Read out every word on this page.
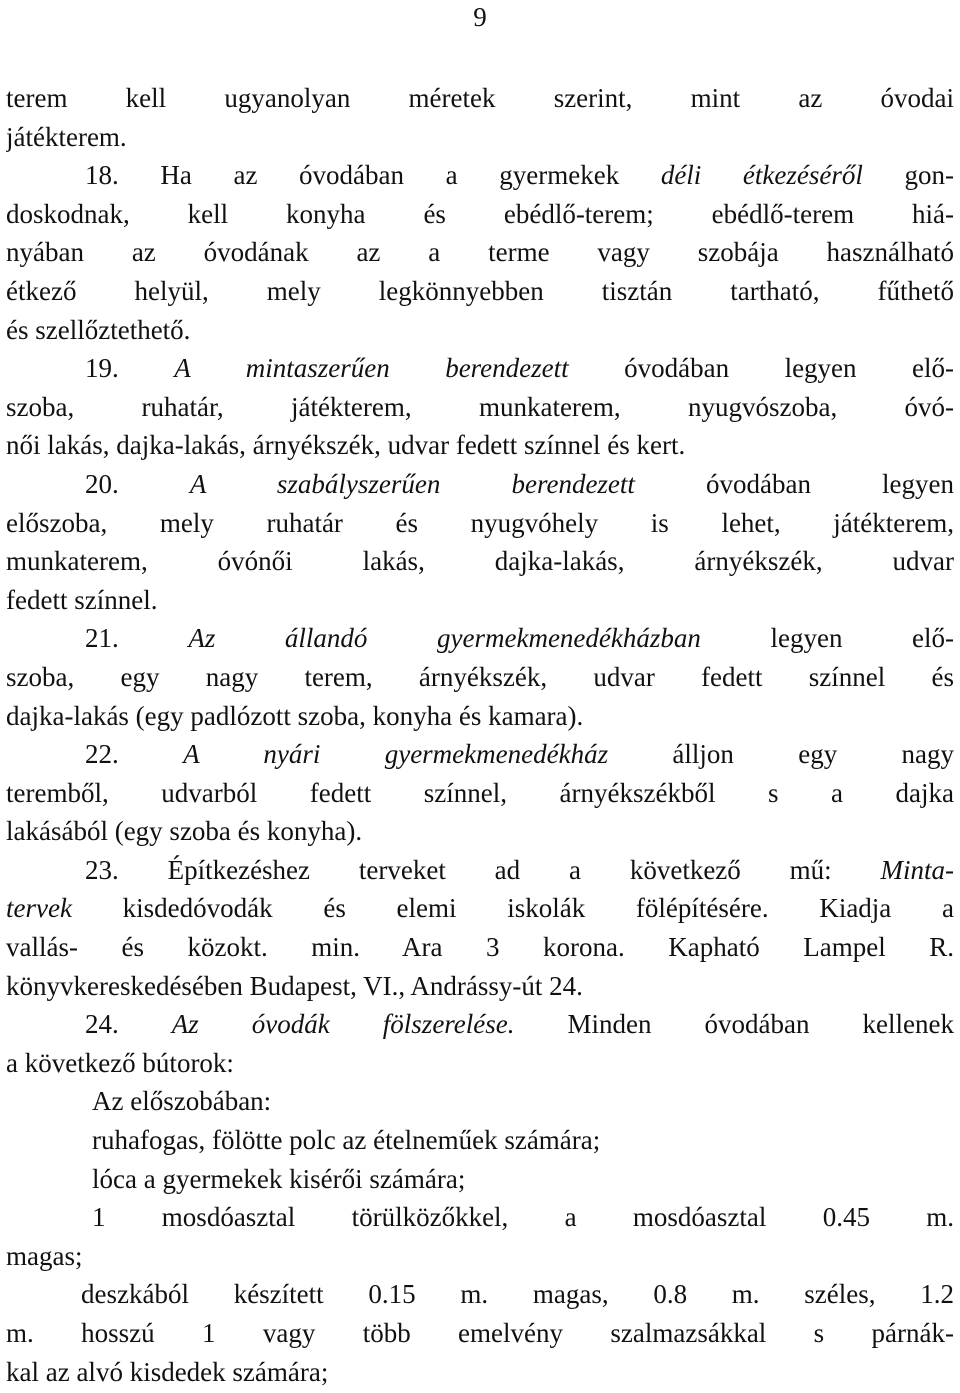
9
terem kell ugyanolyan méretek szerint, mint az óvodai
játékterem.
18. Ha az óvodában a gyermekek déli étkezéséről gon-
doskodnak, kell konyha és ebédlő-terem; ebédlő-terem hiá-
nyában az óvodának az a terme vagy szobája használható
étkező helyül, mely legkönnyebben tisztán tartható, fűthető
és szellőztethető.
19. A mintaszerűen berendezett óvodában legyen elő-
szoba, ruhatár, játékterem, munkaterem, nyugvószoba, óvó-
női lakás, dajka-lakás, árnyékszék, udvar fedett színnel és kert.
20. A szabályszerűen berendezett óvodában legyen
előszoba, mely ruhatár és nyugvóhely is lehet, játékterem,
munkaterem, óvónői lakás, dajka-lakás, árnyékszék, udvar
fedett színnel.
21. Az állandó gyermekmenedékházban legyen elő-
szoba, egy nagy terem, árnyékszék, udvar fedett színnel és
dajka-lakás (egy padlózott szoba, konyha és kamara).
22. A nyári gyermekmenedékház álljon egy nagy
teremből, udvarból fedett színnel, árnyékszékből s a dajka
lakásából (egy szoba és konyha).
23. Építkezéshez terveket ad a következő mű: Minta-
tervek kisdedóvodák és elemi iskolák fölépítésére. Kiadja a
vallás- és közokt. min. Ara 3 korona. Kapható Lampel R.
könyvkereskedésében Budapest, VI., Andrássy-út 24.
24. Az óvodák fölszerelése. Minden óvodában kellenek
a következő bútorok:
Az előszobában:
ruhafogas, fölötte polc az ételneműek számára;
lóca a gyermekek kisérői számára;
1 mosdóasztal törülközőkkel, a mosdóasztal 0.45 m.
magas;
deszkából készített 0.15 m. magas, 0.8 m. széles, 1.2
m. hosszú 1 vagy több emelvény szalmazsákkal s párnák-
kal az alvó kisdedek számára;
